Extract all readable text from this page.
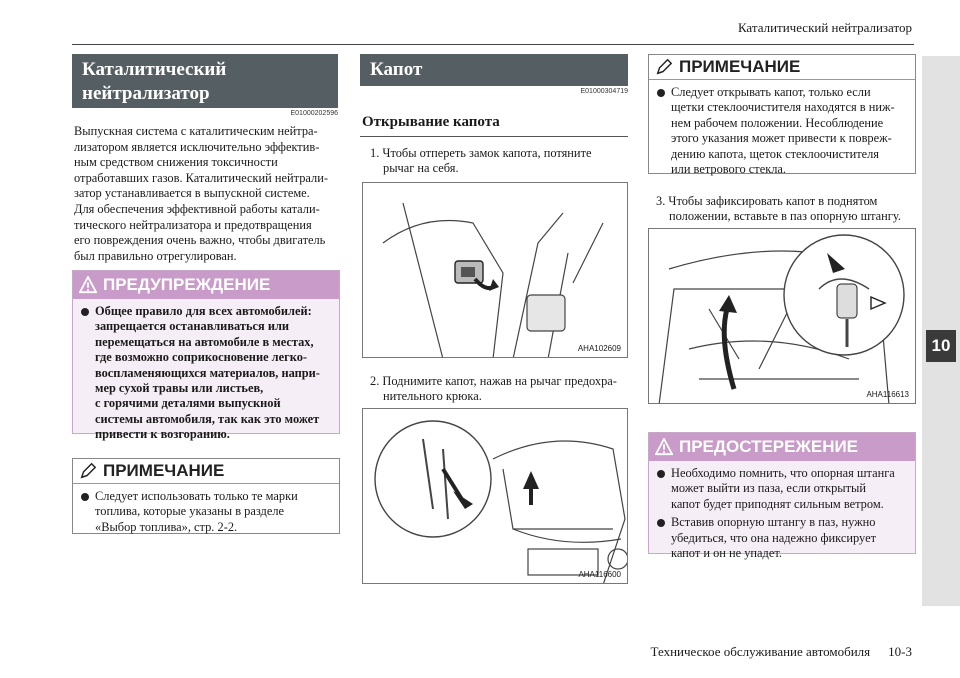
Каталитический нейтрализатор
10
Техническое обслуживание автомобиля 10-3
Каталитический
нейтрализатор
E01000202596
Выпускная система с каталитическим нейтра-
лизатором является исключительно эффектив-
ным средством снижения токсичности
отработавших газов. Каталитический нейтрали-
затор устанавливается в выпускной системе.
Для обеспечения эффективной работы катали-
тического нейтрализатора и предотвращения
его повреждения очень важно, чтобы двигатель
был правильно отрегулирован.
ПРЕДУПРЕЖДЕНИЕ
Общее правило для всех автомобилей:
запрещается останавливаться или
перемещаться на автомобиле в местах,
где возможно соприкосновение легко-
воспламеняющихся материалов, напри-
мер сухой травы или листьев,
с горячими деталями выпускной
системы автомобиля, так как это может
привести к возгоранию.
ПРИМЕЧАНИЕ
Следует использовать только те марки
топлива, которые указаны в разделе
«Выбор топлива», стр. 2-2.
Капот
E01000304719
Открывание капота
1. Чтобы отпереть замок капота, потяните
рычаг на себя.
AHA102609
2. Поднимите капот, нажав на рычаг предохра-
нительного крюка.
AHA116600
ПРИМЕЧАНИЕ
Следует открывать капот, только если
щетки стеклоочистителя находятся в ниж-
нем рабочем положении. Несоблюдение
этого указания может привести к повреж-
дению капота, щеток стеклоочистителя
или ветрового стекла.
3. Чтобы зафиксировать капот в поднятом
положении, вставьте в паз опорную штангу.
AHA116613
ПРЕДОСТЕРЕЖЕНИЕ
Необходимо помнить, что опорная штанга
может выйти из паза, если открытый
капот будет приподнят сильным ветром.
Вставив опорную штангу в паз, нужно
убедиться, что она надежно фиксирует
капот и он не упадет.
